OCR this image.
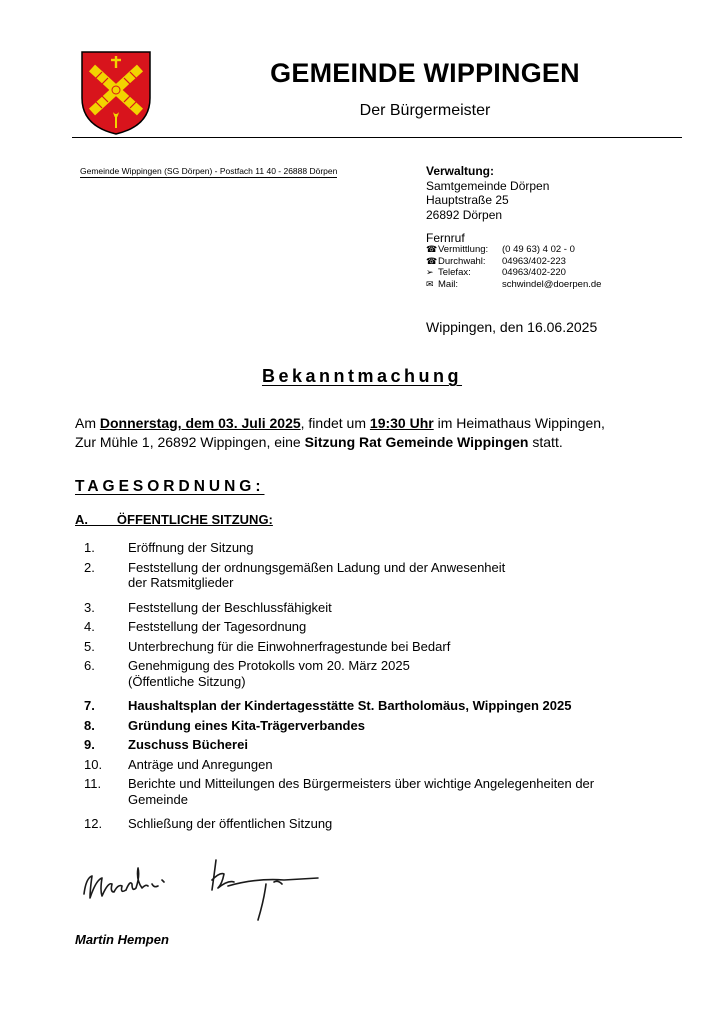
GEMEINDE WIPPINGEN
Der Bürgermeister
Gemeinde Wippingen (SG Dörpen) - Postfach 11 40 - 26888 Dörpen	Verwaltung:
Samtgemeinde Dörpen
Hauptstraße 25
26892 Dörpen
Fernruf
☎ Vermittlung:	(0 49 63) 4 02 - 0
☎ Durchwahl:	04963/402-223
➢ Telefax:	04963/402-220
✉ Mail:	schwindel@doerpen.de
Wippingen, den 16.06.2025
Bekanntmachung
Am Donnerstag, dem 03. Juli 2025, findet um 19:30 Uhr im Heimathaus Wippingen,
Zur Mühle 1, 26892 Wippingen, eine Sitzung Rat Gemeinde Wippingen statt.
TAGESORDNUNG:
A.        ÖFFENTLICHE SITZUNG:
1.	Eröffnung der Sitzung
2.	Feststellung der ordnungsgemäßen Ladung und der Anwesenheit
der Ratsmitglieder
3.	Feststellung der Beschlussfähigkeit
4.	Feststellung der Tagesordnung
5.	Unterbrechung für die Einwohnerfragestunde bei Bedarf
6.	Genehmigung des Protokolls vom 20. März 2025
(Öffentliche Sitzung)
7.	Haushaltsplan der Kindertagesstätte St. Bartholomäus, Wippingen 2025
8.	Gründung eines Kita-Trägerverbandes
9.	Zuschuss Bücherei
10.	Anträge und Anregungen
11.	Berichte und Mitteilungen des Bürgermeisters über wichtige Angelegenheiten der
Gemeinde
12.	Schließung der öffentlichen Sitzung
Martin Hempen
